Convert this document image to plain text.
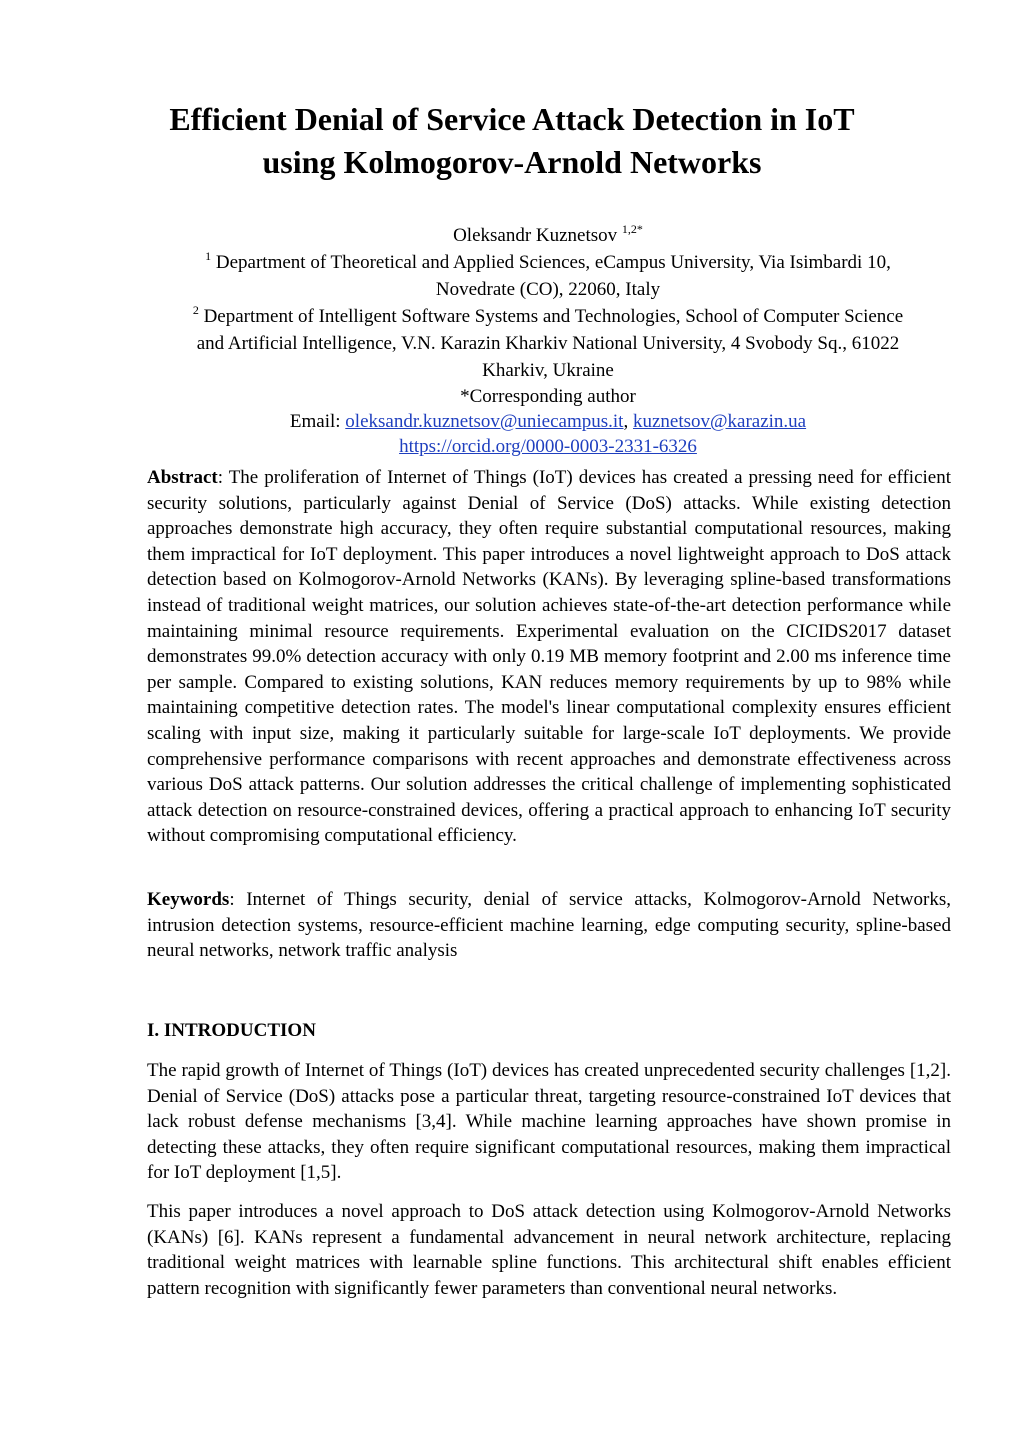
Efficient Denial of Service Attack Detection in IoT
using Kolmogorov-Arnold Networks
Oleksandr Kuznetsov $^{1,2*}$
$^1$ Department of Theoretical and Applied Sciences, eCampus University, Via Isimbardi 10,
Novedrate (CO), 22060, Italy
$^2$ Department of Intelligent Software Systems and Technologies, School of Computer Science
and Artificial Intelligence, V.N. Karazin Kharkiv National University, 4 Svobody Sq., 61022
Kharkiv, Ukraine
*Corresponding author
Email: oleksandr.kuznetsov@uniecampus.it, kuznetsov@karazin.ua
https://orcid.org/0000-0003-2331-6326

Abstract: The proliferation of Internet of Things (IoT) devices has created a pressing need for efficient security solutions, particularly against Denial of Service (DoS) attacks. While existing detection approaches demonstrate high accuracy, they often require substantial computational resources, making them impractical for IoT deployment. This paper introduces a novel lightweight approach to DoS attack detection based on Kolmogorov-Arnold Networks (KANs). By leveraging spline-based transformations instead of traditional weight matrices, our solution achieves state-of-the-art detection performance while maintaining minimal resource requirements. Experimental evaluation on the CICIDS2017 dataset demonstrates 99.0% detection accuracy with only 0.19 MB memory footprint and 2.00 ms inference time per sample. Compared to existing solutions, KAN reduces memory requirements by up to 98% while maintaining competitive detection rates. The model's linear computational complexity ensures efficient scaling with input size, making it particularly suitable for large-scale IoT deployments. We provide comprehensive performance comparisons with recent approaches and demonstrate effectiveness across various DoS attack patterns. Our solution addresses the critical challenge of implementing sophisticated attack detection on resource-constrained devices, offering a practical approach to enhancing IoT security without compromising computational efficiency.

Keywords: Internet of Things security, denial of service attacks, Kolmogorov-Arnold Networks, intrusion detection systems, resource-efficient machine learning, edge computing security, spline-based neural networks, network traffic analysis

I. INTRODUCTION

The rapid growth of Internet of Things (IoT) devices has created unprecedented security challenges [1,2]. Denial of Service (DoS) attacks pose a particular threat, targeting resource-constrained IoT devices that lack robust defense mechanisms [3,4]. While machine learning approaches have shown promise in detecting these attacks, they often require significant computational resources, making them impractical for IoT deployment [1,5].

This paper introduces a novel approach to DoS attack detection using Kolmogorov-Arnold Networks (KANs) [6]. KANs represent a fundamental advancement in neural network architecture, replacing traditional weight matrices with learnable spline functions. This architectural shift enables efficient pattern recognition with significantly fewer parameters than conventional neural networks.
